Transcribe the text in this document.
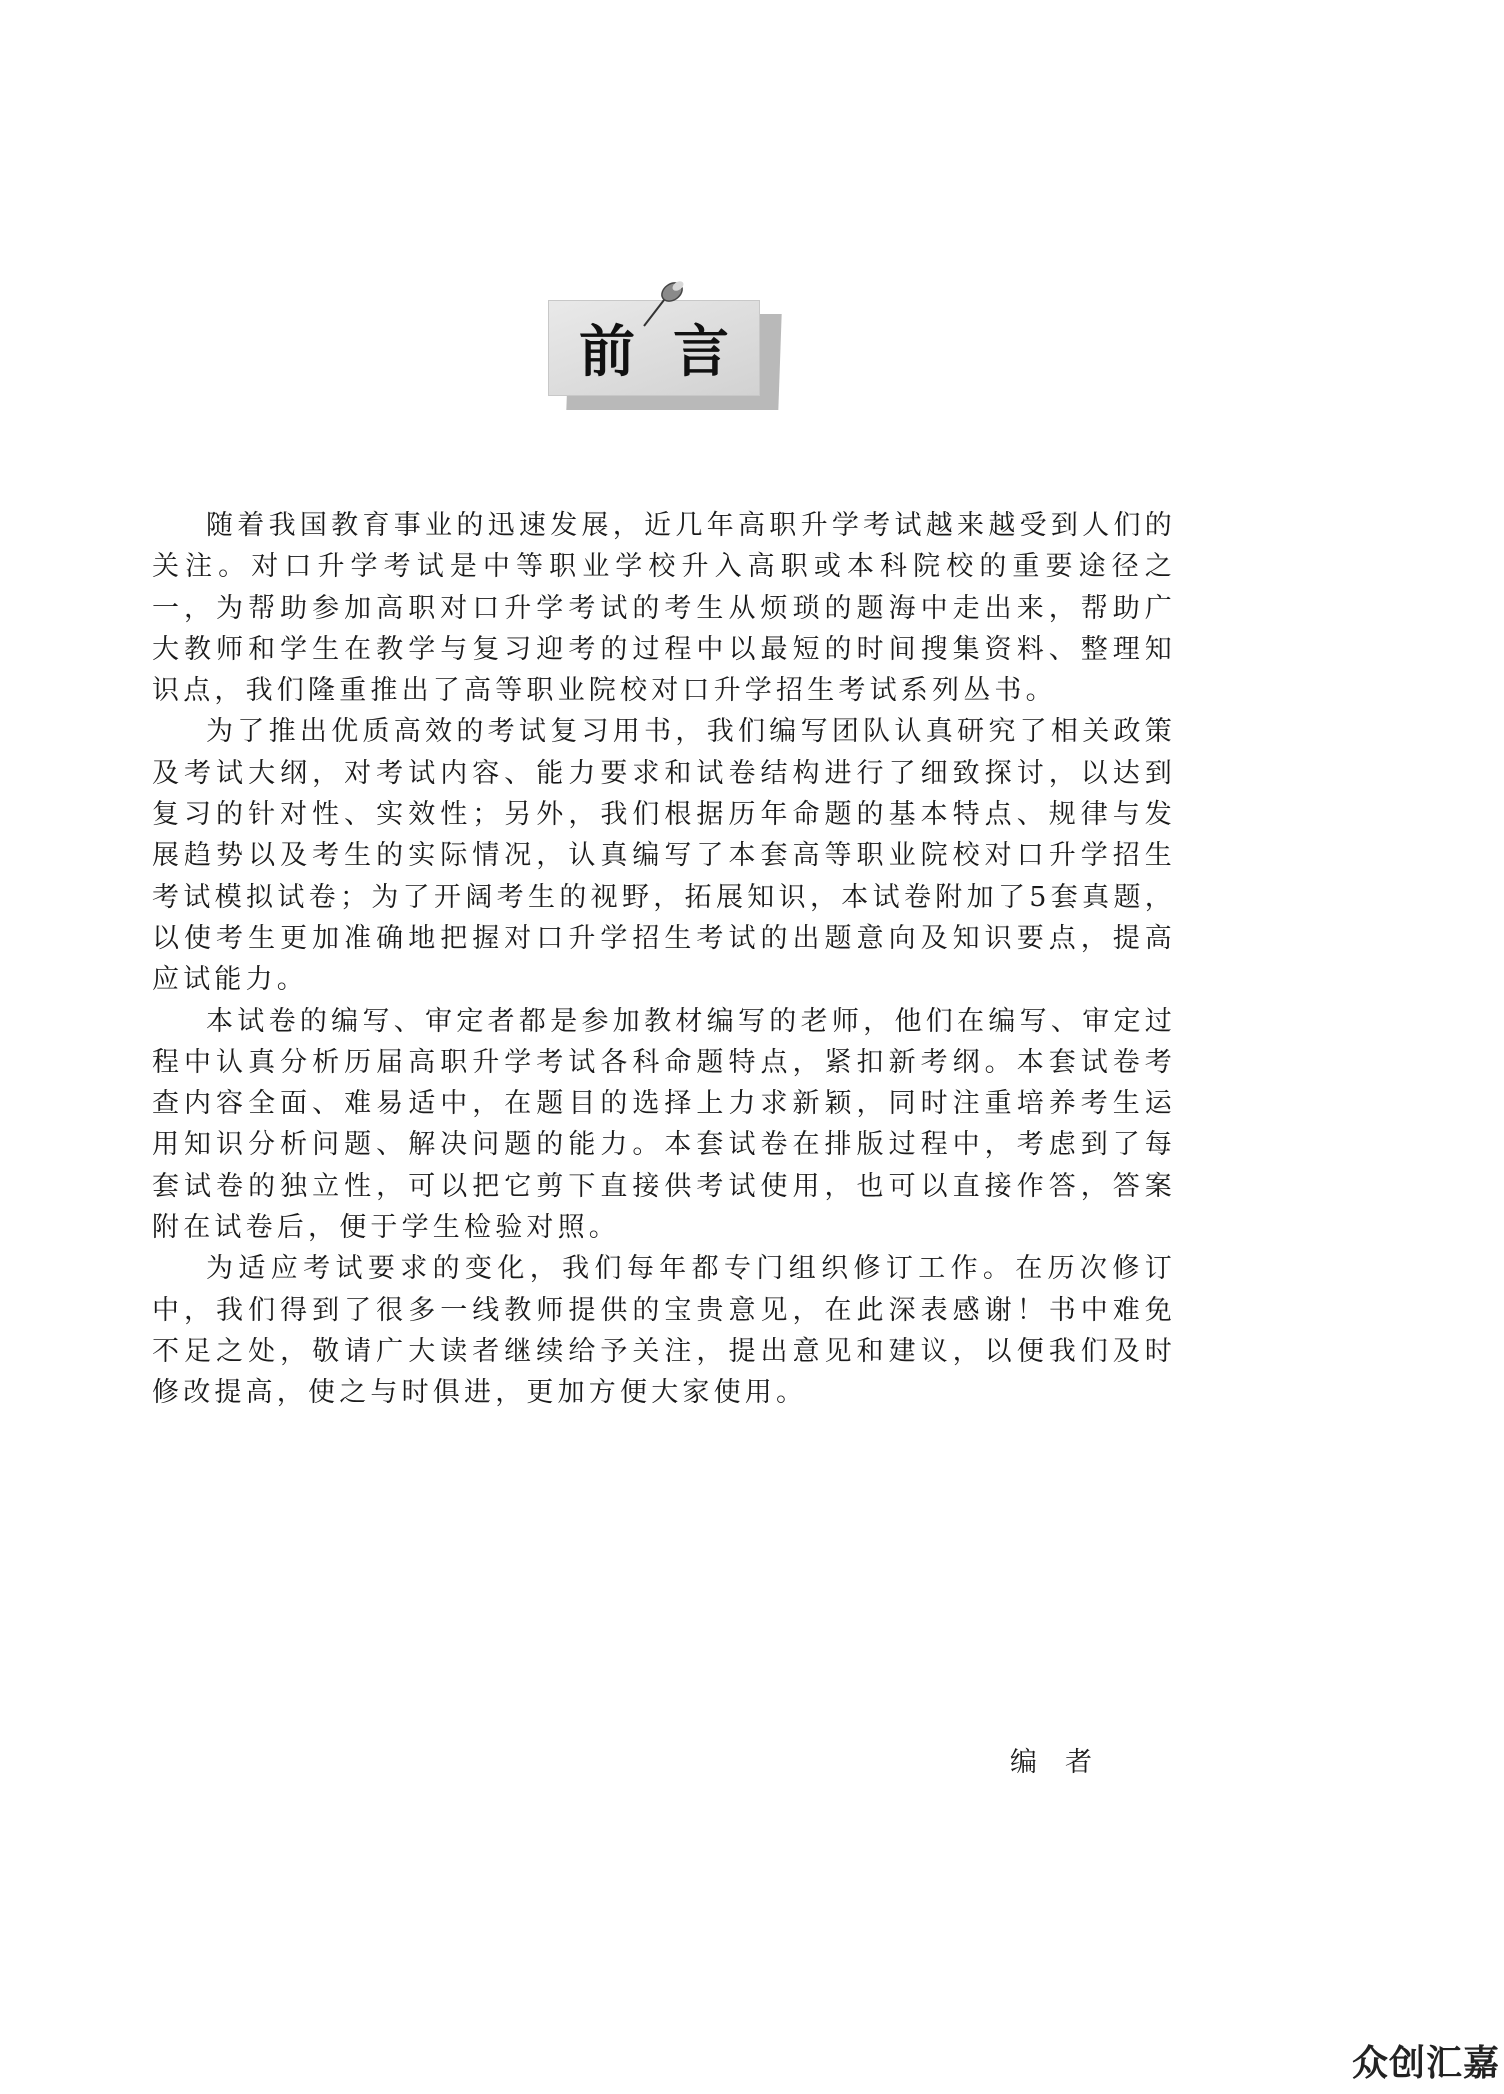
前言

随着我国教育事业的迅速发展，近几年高职升学考试越来越受到人们的关注。对口升学考试是中等职业学校升入高职或本科院校的重要途径之一，为帮助参加高职对口升学考试的考生从烦琐的题海中走出来，帮助广大教师和学生在教学与复习迎考的过程中以最短的时间搜集资料、整理知识点，我们隆重推出了高等职业院校对口升学招生考试系列丛书。

为了推出优质高效的考试复习用书，我们编写团队认真研究了相关政策及考试大纲，对考试内容、能力要求和试卷结构进行了细致探讨，以达到复习的针对性、实效性；另外，我们根据历年命题的基本特点、规律与发展趋势以及考生的实际情况，认真编写了本套高等职业院校对口升学招生考试模拟试卷；为了开阔考生的视野，拓展知识，本试卷附加了5套真题，以使考生更加准确地把握对口升学招生考试的出题意向及知识要点，提高应试能力。

本试卷的编写、审定者都是参加教材编写的老师，他们在编写、审定过程中认真分析历届高职升学考试各科命题特点，紧扣新考纲。本套试卷考查内容全面、难易适中，在题目的选择上力求新颖，同时注重培养考生运用知识分析问题、解决问题的能力。本套试卷在排版过程中，考虑到了每套试卷的独立性，可以把它剪下直接供考试使用，也可以直接作答，答案附在试卷后，便于学生检验对照。

为适应考试要求的变化，我们每年都专门组织修订工作。在历次修订中，我们得到了很多一线教师提供的宝贵意见，在此深表感谢！书中难免不足之处，敬请广大读者继续给予关注，提出意见和建议，以便我们及时修改提高，使之与时俱进，更加方便大家使用。

编者
众创汇嘉
